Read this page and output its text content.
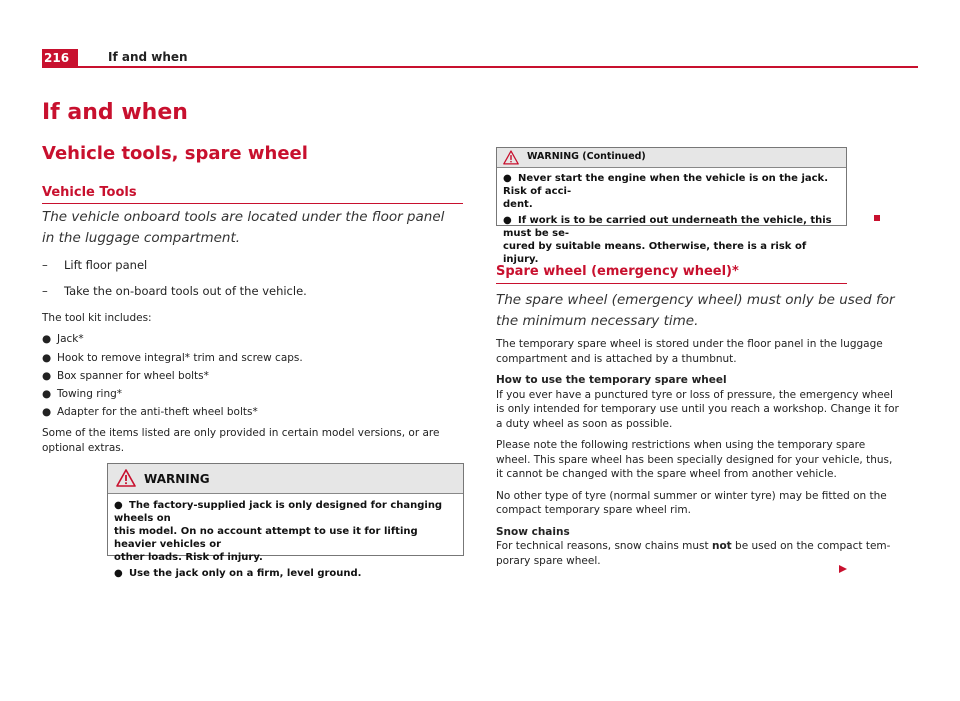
216	If and when
If and when
Vehicle tools, spare wheel
Vehicle Tools
The vehicle onboard tools are located under the floor panel
in the luggage compartment.
– Lift floor panel
– Take the on-board tools out of the vehicle.
The tool kit includes:
● Jack*
● Hook to remove integral* trim and screw caps.
● Box spanner for wheel bolts*
● Towing ring*
● Adapter for the anti-theft wheel bolts*
Some of the items listed are only provided in certain model versions, or are
optional extras.
WARNING

● The factory-supplied jack is only designed for changing wheels on
this model. On no account attempt to use it for lifting heavier vehicles or
other loads. Risk of injury.

● Use the jack only on a firm, level ground.

WARNING (Continued)

● Never start the engine when the vehicle is on the jack. Risk of acci-
dent.

● If work is to be carried out underneath the vehicle, this must be se-
cured by suitable means. Otherwise, there is a risk of injury.

Spare wheel (emergency wheel)*
The spare wheel (emergency wheel) must only be used for
the minimum necessary time.

The temporary spare wheel is stored under the floor panel in the luggage
compartment and is attached by a thumbnut.

How to use the temporary spare wheel

If you ever have a punctured tyre or loss of pressure, the emergency wheel
is only intended for temporary use until you reach a workshop. Change it for
a duty wheel as soon as possible.

Please note the following restrictions when using the temporary spare
wheel. This spare wheel has been specially designed for your vehicle, thus,
it cannot be changed with the spare wheel from another vehicle.

No other type of tyre (normal summer or winter tyre) may be fitted on the
compact temporary spare wheel rim.

Snow chains

For technical reasons, snow chains must not be used on the compact tem-
porary spare wheel.
